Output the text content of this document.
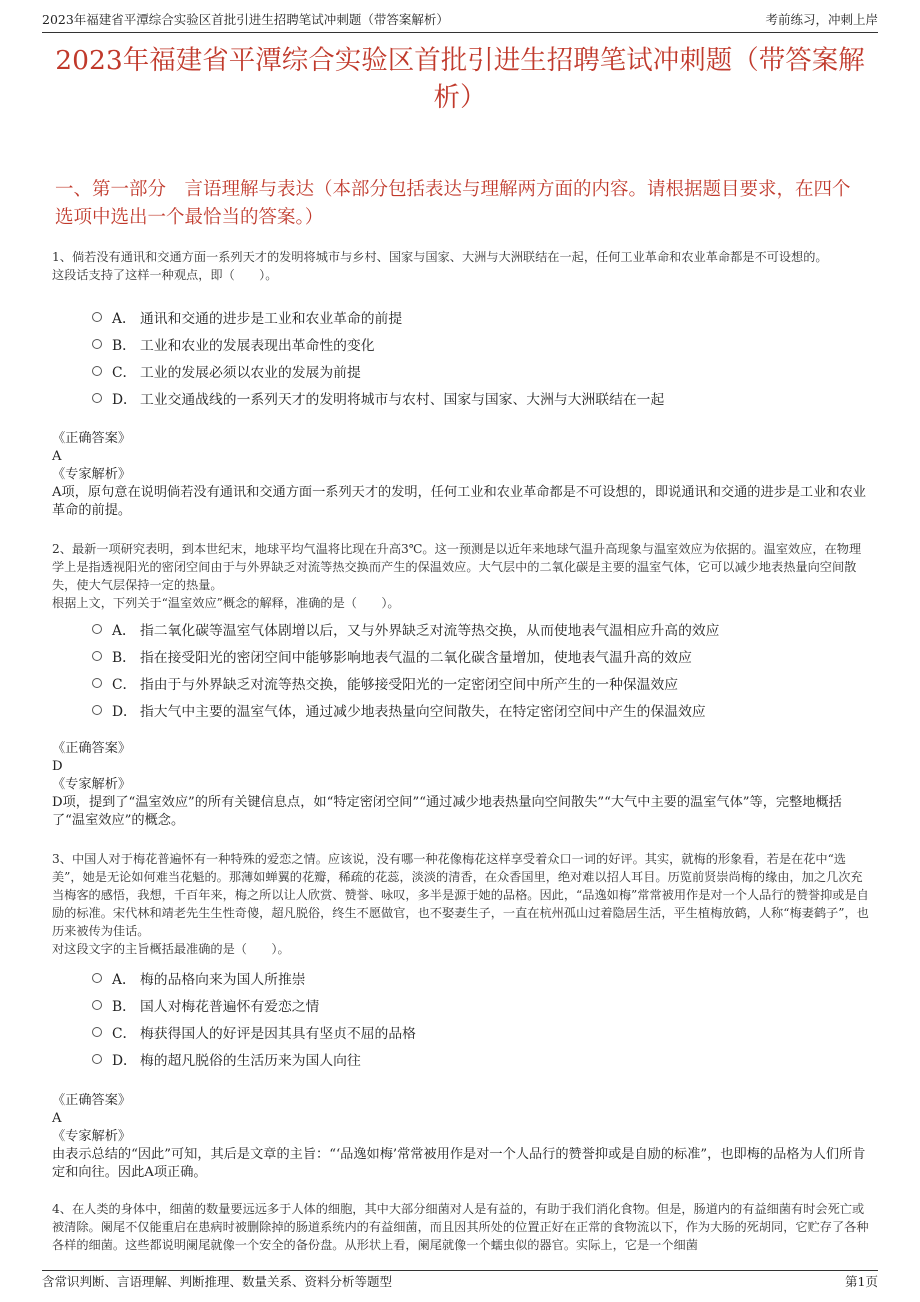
2023年福建省平潭综合实验区首批引进生招聘笔试冲刺题（带答案解析）	考前练习，冲刺上岸
2023年福建省平潭综合实验区首批引进生招聘笔试冲刺题（带答案解析）
一、第一部分　言语理解与表达（本部分包括表达与理解两方面的内容。请根据题目要求，在四个选项中选出一个最恰当的答案。）

1、倘若没有通讯和交通方面一系列天才的发明将城市与乡村、国家与国家、大洲与大洲联结在一起，任何工业革命和农业革命都是不可设想的。

这段话支持了这样一种观点，即（　　）。

A． 通讯和交通的进步是工业和农业革命的前提
B． 工业和农业的发展表现出革命性的变化
C． 工业的发展必须以农业的发展为前提
D． 工业交通战线的一系列天才的发明将城市与农村、国家与国家、大洲与大洲联结在一起
《正确答案》
A
《专家解析》
A项，原句意在说明倘若没有通讯和交通方面一系列天才的发明，任何工业和农业革命都是不可设想的，即说通讯和交通的进步是工业和农业革命的前提。

2、最新一项研究表明，到本世纪末，地球平均气温将比现在升高3℃。这一预测是以近年来地球气温升高现象与温室效应为依据的。温室效应，在物理学上是指透视阳光的密闭空间由于与外界缺乏对流等热交换而产生的保温效应。大气层中的二氧化碳是主要的温室气体，它可以减少地表热量向空间散失，使大气层保持一定的热量。

根据上文，下列关于“温室效应”概念的解释，准确的是（　　）。

A． 指二氧化碳等温室气体剧增以后，又与外界缺乏对流等热交换，从而使地表气温相应升高的效应
B． 指在接受阳光的密闭空间中能够影响地表气温的二氧化碳含量增加，使地表气温升高的效应
C． 指由于与外界缺乏对流等热交换，能够接受阳光的一定密闭空间中所产生的一种保温效应
D． 指大气中主要的温室气体，通过减少地表热量向空间散失，在特定密闭空间中产生的保温效应
《正确答案》
D
《专家解析》
D项，提到了“温室效应”的所有关键信息点，如“特定密闭空间”“通过减少地表热量向空间散失”“大气中主要的温室气体”等，完整地概括了“温室效应”的概念。

3、中国人对于梅花普遍怀有一种特殊的爱恋之情。应该说，没有哪一种花像梅花这样享受着众口一词的好评。其实，就梅的形象看，若是在花中“选美”，她是无论如何难当花魁的。那薄如蝉翼的花瓣，稀疏的花蕊，淡淡的清香，在众香国里，绝对难以招人耳目。历览前贤崇尚梅的缘由，加之几次充当梅客的感悟，我想，千百年来，梅之所以让人欣赏、赞誉、咏叹，多半是源于她的品格。因此，“品逸如梅”常常被用作是对一个人品行的赞誉抑或是自励的标准。宋代林和靖老先生生性奇傻，超凡脱俗，终生不愿做官，也不娶妻生子，一直在杭州孤山过着隐居生活，平生植梅放鹤，人称“梅妻鹤子”，也历来被传为佳话。

对这段文字的主旨概括最准确的是（　　）。

A． 梅的品格向来为国人所推崇
B． 国人对梅花普遍怀有爱恋之情
C． 梅获得国人的好评是因其具有坚贞不屈的品格
D． 梅的超凡脱俗的生活历来为国人向往
《正确答案》
A
《专家解析》
由表示总结的“因此”可知，其后是文章的主旨：“‘品逸如梅’常常被用作是对一个人品行的赞誉抑或是自励的标准”，也即梅的品格为人们所肯定和向往。因此A项正确。

4、在人类的身体中，细菌的数量要远远多于人体的细胞，其中大部分细菌对人是有益的，有助于我们消化食物。但是，肠道内的有益细菌有时会死亡或被清除。阑尾不仅能重启在患病时被删除掉的肠道系统内的有益细菌，而且因其所处的位置正好在正常的食物流以下，作为大肠的死胡同，它贮存了各种各样的细菌。这些都说明阑尾就像一个安全的备份盘。从形状上看，阑尾就像一个蠕虫似的器官。实际上，它是一个细菌

含常识判断、言语理解、判断推理、数量关系、资料分析等题型	第1页
